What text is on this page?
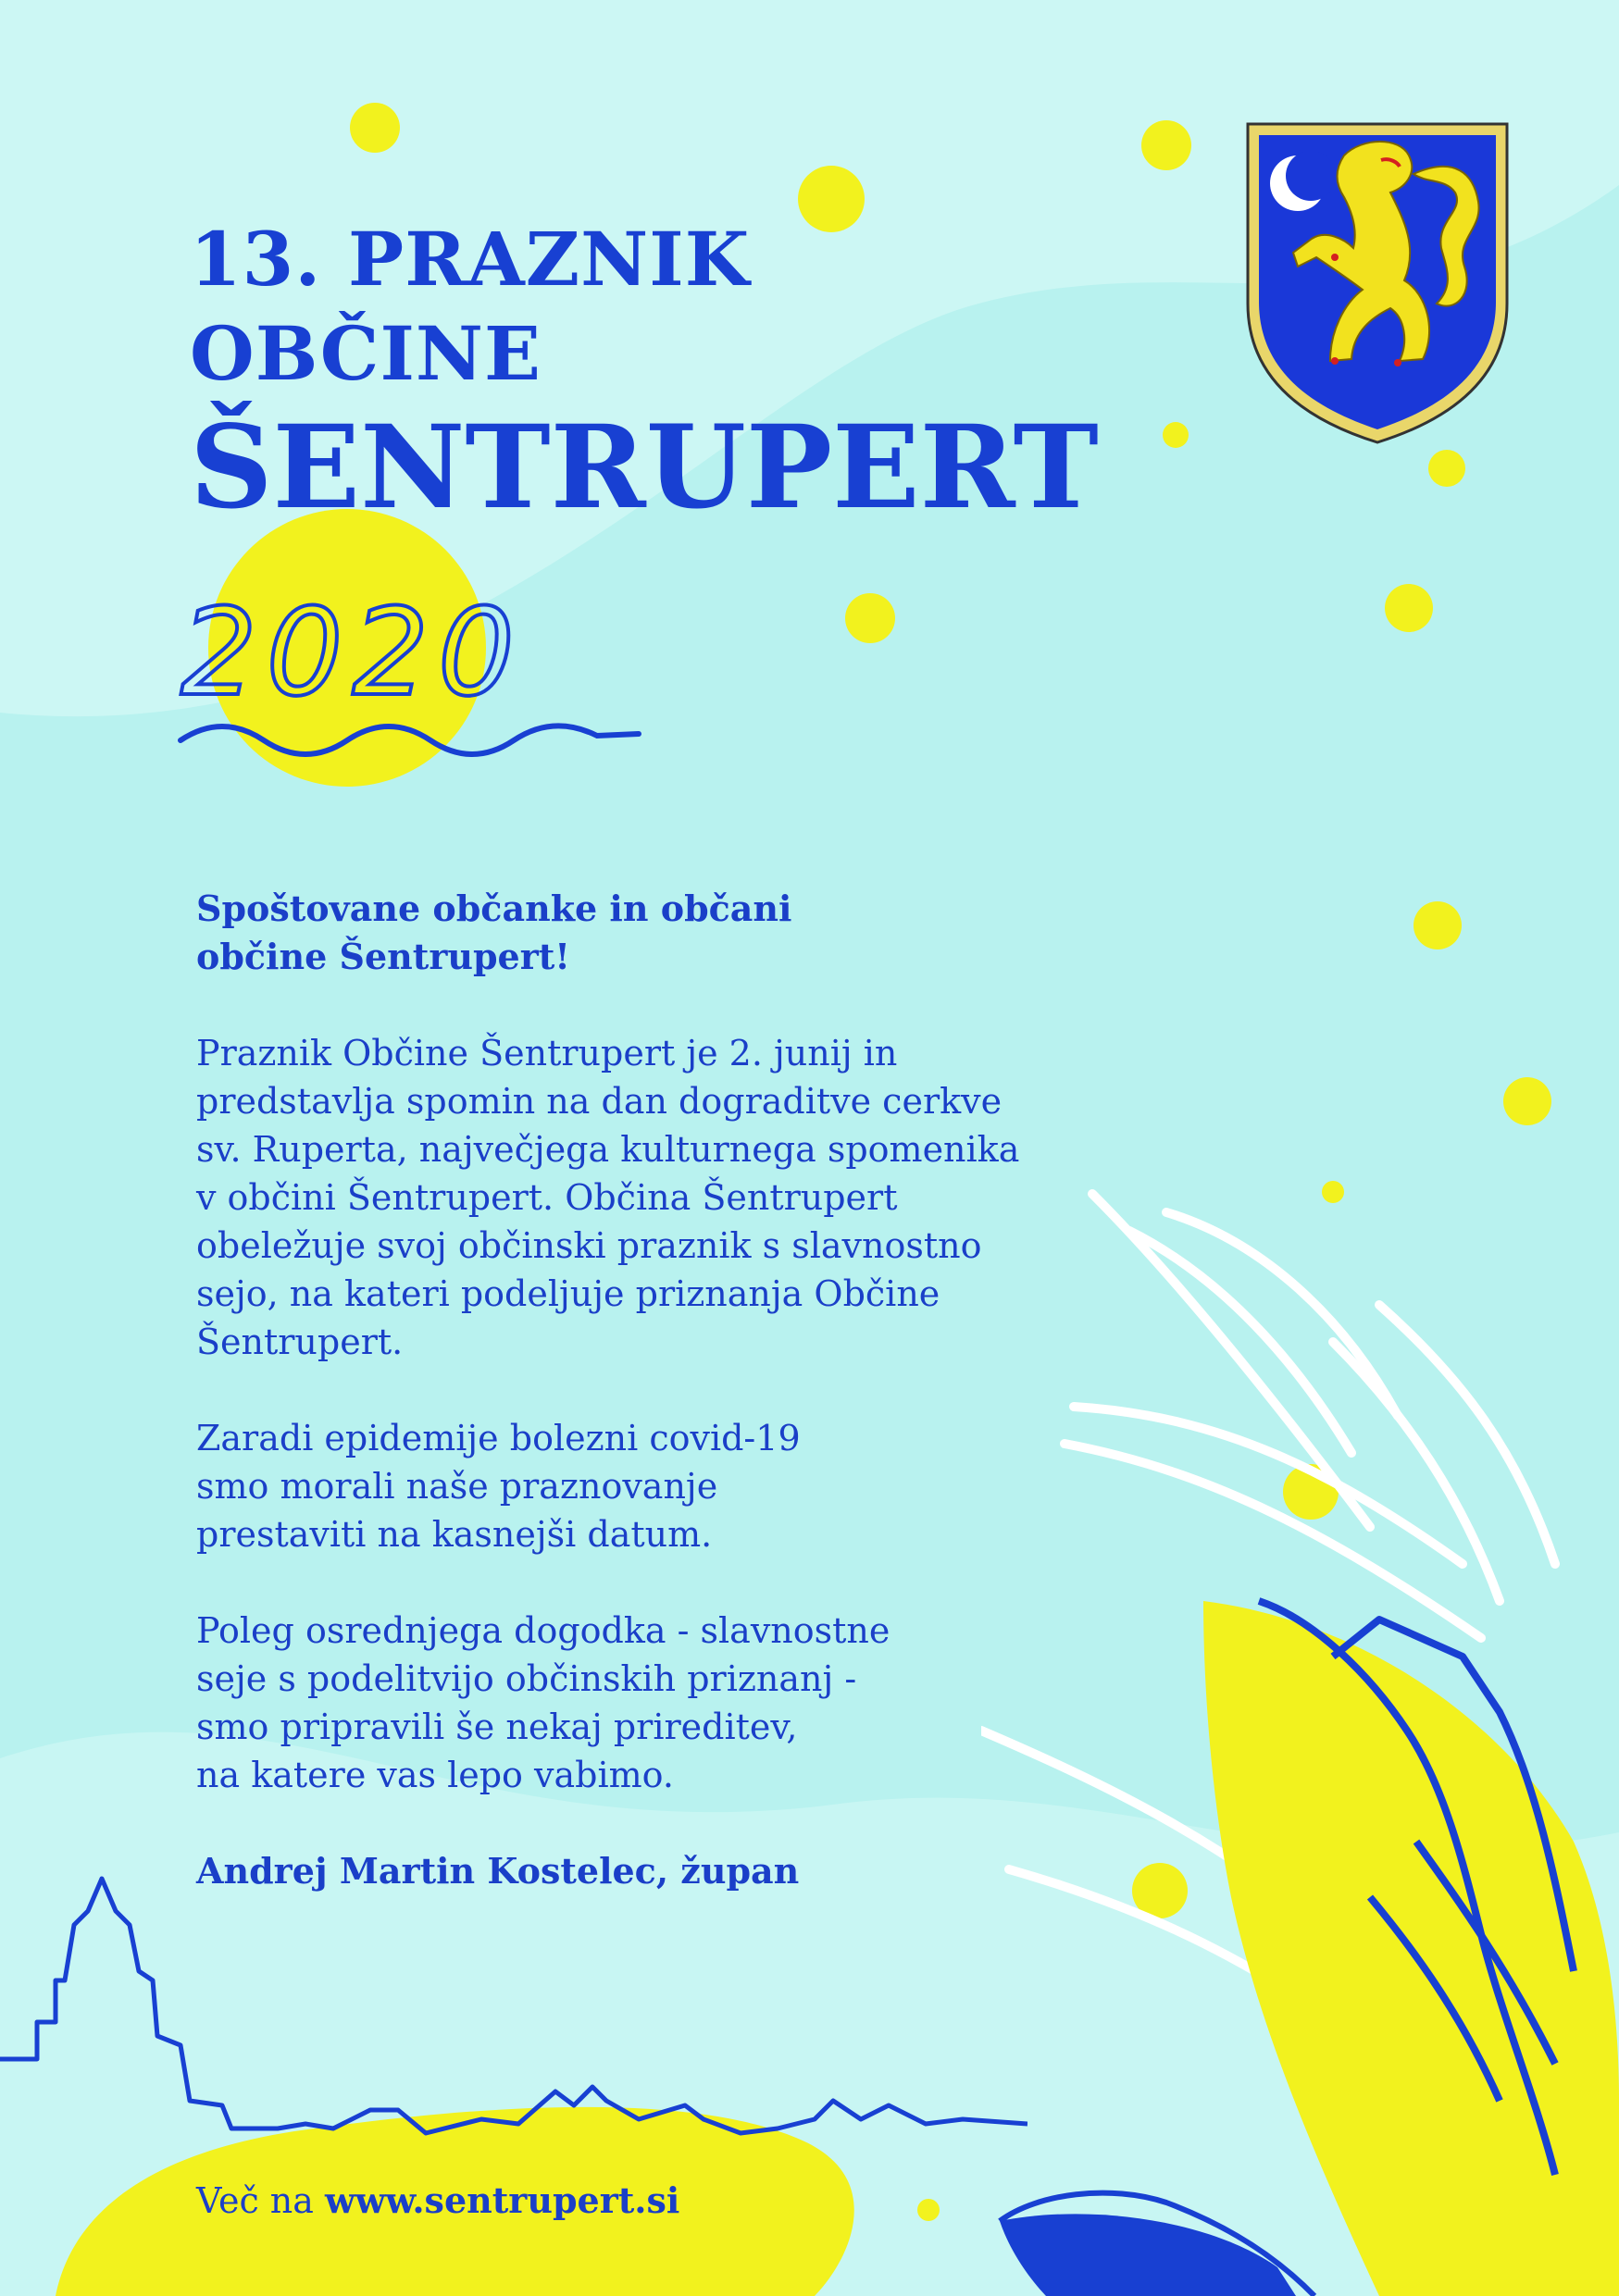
13. PRAZNIK
OBČINE
ŠENTRUPERT
2020

Spoštovane občanke in občani

občine Šentrupert!

Praznik Občine Šentrupert je 2. junij in

predstavlja spomin na dan dograditve cerkve

sv. Ruperta, največjega kulturnega spomenika

v občini Šentrupert. Občina Šentrupert

obeležuje svoj občinski praznik s slavnostno

sejo, na kateri podeljuje priznanja Občine

Šentrupert.

Zaradi epidemije bolezni covid-19

smo morali naše praznovanje

prestaviti na kasnejši datum.

Poleg osrednjega dogodka - slavnostne

seje s podelitvijo občinskih priznanj -

smo pripravili še nekaj prireditev,

na katere vas lepo vabimo.

Andrej Martin Kostelec, župan

Več na www.sentrupert.si
